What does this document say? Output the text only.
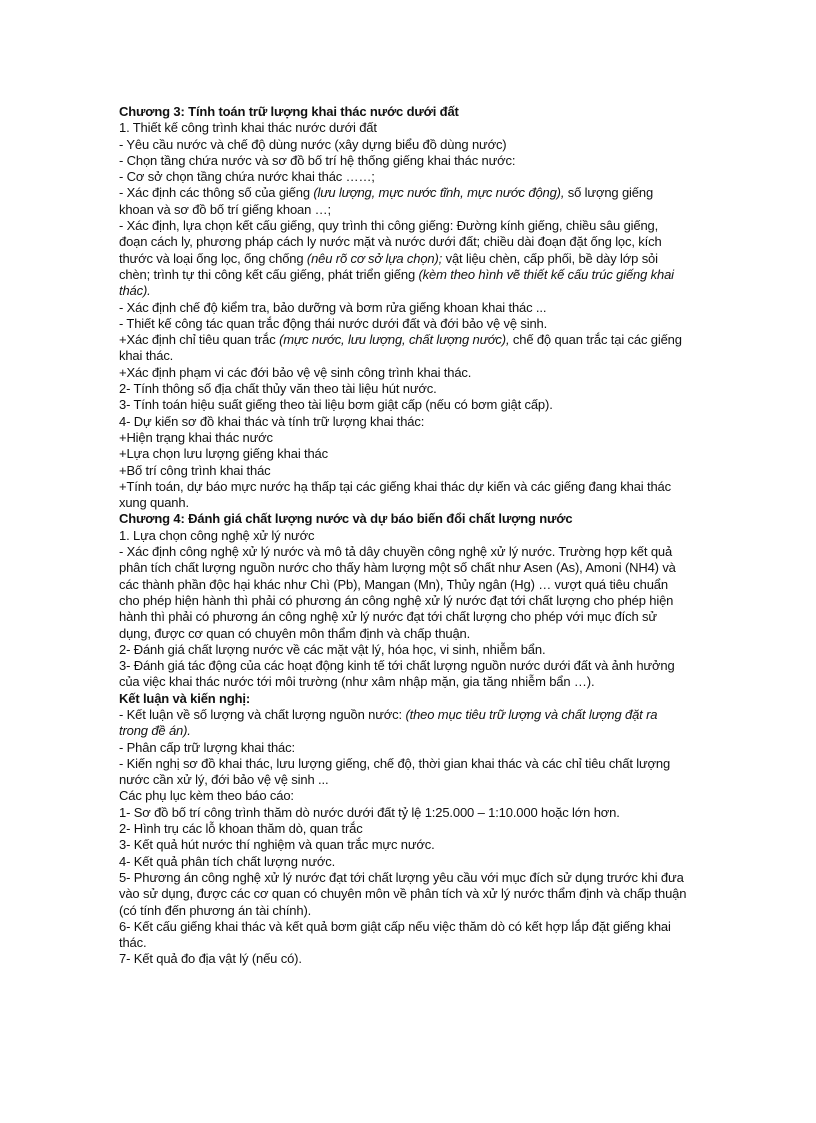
Chương 3: Tính toán trữ lượng khai thác nước dưới đất

1. Thiết kế công trình khai thác nước dưới đất

- Yêu cầu nước và chế độ dùng nước (xây dựng biểu đồ dùng nước)

- Chọn tầng chứa nước và sơ đồ bố trí hệ thống giếng khai thác nước:

- Cơ sở chọn tầng chứa nước khai thác ……;

- Xác định các thông số của giếng (lưu lượng, mực nước tĩnh, mực nước động), số lượng giếng khoan và sơ đồ bố trí giếng khoan …;

- Xác định, lựa chọn kết cấu giếng, quy trình thi công giếng: Đường kính giếng, chiều sâu giếng, đoạn cách ly, phương pháp cách ly nước mặt và nước dưới đất; chiều dài đoạn đặt ống lọc, kích thước và loại ống lọc, ống chống (nêu rõ cơ sở lựa chọn); vật liệu chèn, cấp phối, bề dày lớp sỏi chèn; trình tự thi công kết cấu giếng, phát triển giếng (kèm theo hình vẽ thiết kế cấu trúc giếng khai thác).

- Xác định chế độ kiểm tra, bảo dưỡng và bơm rửa giếng khoan khai thác ...

- Thiết kế công tác quan trắc động thái nước dưới đất và đới bảo vệ vệ sinh.

+Xác định chỉ tiêu quan trắc (mực nước, lưu lượng, chất lượng nước), chế độ quan trắc tại các giếng khai thác.

+Xác định phạm vi các đới bảo vệ vệ sinh công trình khai thác.

2- Tính thông số địa chất thủy văn theo tài liệu hút nước.

3- Tính toán hiệu suất giếng theo tài liệu bơm giật cấp (nếu có bơm giật cấp).

4- Dự kiến sơ đồ khai thác và tính trữ lượng khai thác:

+Hiện trạng khai thác nước

+Lựa chọn lưu lượng giếng khai thác

+Bố trí công trình khai thác

+Tính toán, dự báo mực nước hạ thấp tại các giếng khai thác dự kiến và các giếng đang khai thác xung quanh.

Chương 4: Đánh giá chất lượng nước và dự báo biến đổi chất lượng nước

1. Lựa chọn công nghệ xử lý nước

- Xác định công nghệ xử lý nước và mô tả dây chuyền công nghệ xử lý nước. Trường hợp kết quả phân tích chất lượng nguồn nước cho thấy hàm lượng một số chất như Asen (As), Amoni (NH4) và các thành phần độc hại khác như Chì (Pb), Mangan (Mn), Thủy ngân (Hg) … vượt quá tiêu chuẩn cho phép hiện hành thì phải có phương án công nghệ xử lý nước đạt tới chất lượng cho phép hiện hành thì phải có phương án công nghệ xử lý nước đạt tới chất lượng cho phép với mục đích sử dụng, được cơ quan có chuyên môn thẩm định và chấp thuận.

2- Đánh giá chất lượng nước về các mặt vật lý, hóa học, vi sinh, nhiễm bẩn.

3- Đánh giá tác động của các hoạt động kinh tế tới chất lượng nguồn nước dưới đất và ảnh hưởng của việc khai thác nước tới môi trường (như xâm nhập mặn, gia tăng nhiễm bẩn …).

Kết luận và kiến nghị:

- Kết luận về số lượng và chất lượng nguồn nước: (theo mục tiêu trữ lượng và chất lượng đặt ra trong đề án).

- Phân cấp trữ lượng khai thác:

- Kiến nghị sơ đồ khai thác, lưu lượng giếng, chế độ, thời gian khai thác và các chỉ tiêu chất lượng nước cần xử lý, đới bảo vệ vệ sinh ...

Các phụ lục kèm theo báo cáo:

1- Sơ đồ bố trí công trình thăm dò nước dưới đất tỷ lệ 1:25.000 – 1:10.000 hoặc lớn hơn.

2- Hình trụ các lỗ khoan thăm dò, quan trắc

3- Kết quả hút nước thí nghiệm và quan trắc mực nước.

4- Kết quả phân tích chất lượng nước.

5- Phương án công nghệ xử lý nước đạt tới chất lượng yêu cầu với mục đích sử dụng trước khi đưa vào sử dụng, được các cơ quan có chuyên môn về phân tích và xử lý nước thẩm định và chấp thuận (có tính đến phương án tài chính).

6- Kết cấu giếng khai thác và kết quả bơm giật cấp nếu việc thăm dò có kết hợp lắp đặt giếng khai thác.

7- Kết quả đo địa vật lý (nếu có).
